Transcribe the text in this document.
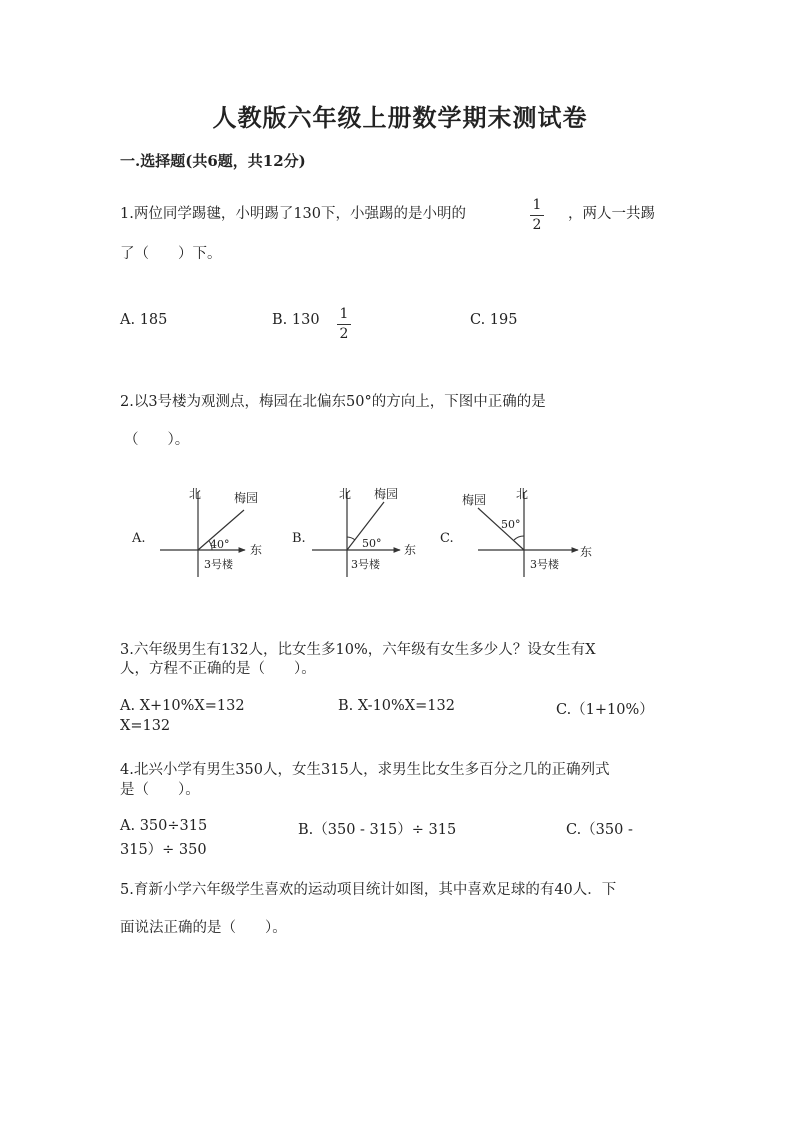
人教版六年级上册数学期末测试卷
一.选择题(共6题，共12分)
1.两位同学踢毽，小明踢了130下，小强踢的是小明的
1
2
，两人一共踢
了（　　）下。
A. 185	B. 130 1
2
C. 195
2.以3号楼为观测点，梅园在北偏东50°的方向上，下图中正确的是
（　　）。
A.
北	梅园
40° 东
3号楼
B.
北 梅园
50° 东
3号楼
C.
北
梅园
50°
东
3号楼
3.六年级男生有132人，比女生多10%，六年级有女生多少人？设女生有X
人，方程不正确的是（　　）。
A. X+10%X=132	B. X-10%X=132	C.（1+10%）
X=132
4.北兴小学有男生350人，女生315人，求男生比女生多百分之几的正确列式
是（　　）。
A. 350÷315	B.（350 - 315）÷ 315	C.（350 -
315）÷ 350
5.育新小学六年级学生喜欢的运动项目统计如图，其中喜欢足球的有40人．下
面说法正确的是（　　）。
